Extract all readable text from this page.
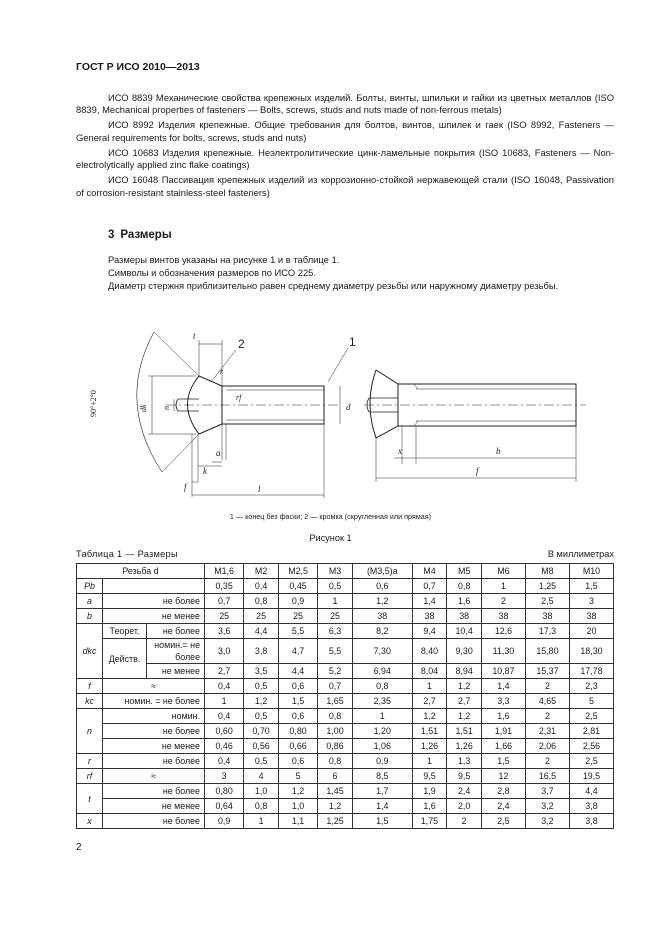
ГОСТ Р ИСО 2010—2013

ИСО 8839 Механические свойства крепежных изделий. Болты, винты, шпильки и гайки из цветных металлов (ISO 8839, Mechanical properties of fasteners — Bolts, screws, studs and nuts made of non-ferrous metals)

ИСО 8992 Изделия крепежные. Общие требования для болтов, винтов, шпилек и гаек (ISO 8992, Fasteners — General requirements for bolts, screws, studs and nuts)

ИСО 10683 Изделия крепежные. Неэлектролитические цинк-ламельные покрытия (ISO 10683, Fasteners — Non-electrolytically applied zinc flake coatings)

ИСО 16048 Пассивация крепежных изделий из коррозионно-стойкой нержавеющей стали (ISO 16048, Passivation of corrosion-resistant stainless-steel fasteners)

3 Размеры

Размеры винтов указаны на рисунке 1 и в таблице 1.

Символы и обозначения размеров по ИСО 225.

Диаметр стержня приблизительно равен среднему диаметру резьбы или наружному диаметру резьбы.

t
2	1
90°+2°0	dk n
rf
r
d
a
k
f	l
x	b
f
1 — конец без фаски; 2 — кромка (скругленная или прямая)
Рисунок 1
Таблица 1 — Размеры	В миллиметрах
Резьба d			M1,6	M2	M2,5	M3	(M3,5)a	M4	M5	M6	M8	M10
Pb			0,35	0,4	0,45	0,5	0,6	0,7	0,8	1	1,25	1,5
a	не более		0,7	0,8	0,9	1	1,2	1,4	1,6	2	2,5	3
b	не менее		25	25	25	25	38	38	38	38	38	38
dkc	Теорет.	не более	3,6	4,4	5,5	6,3	8,2	9,4	10,4	12,6	17,3	20
	Действ.	номин.= не более	3,0	3,8	4,7	5,5	7,30	8,40	9,30	11,30	15,80	18,30
		не менее	2,7	3,5	4,4	5,2	6,94	8,04	8,94	10,87	15,37	17,78
f	≈		0,4	0,5	0,6	0,7	0,8	1	1,2	1,4	2	2,3
kc	номин. = не более		1	1,2	1,5	1,65	2,35	2,7	2,7	3,3	4,65	5
n	номин.		0,4	0,5	0,6	0,8	1	1,2	1,2	1,6	2	2,5
	не более		0,60	0,70	0,80	1,00	1,20	1,51	1,51	1,91	2,31	2,81
	не менее		0,46	0,56	0,66	0,86	1,06	1,26	1,26	1,66	2,06	2,56
r	не более		0,4	0,5	0,6	0,8	0,9	1	1,3	1,5	2	2,5
rf	≈		3	4	5	6	8,5	9,5	9,5	12	16,5	19,5
t	не более		0,80	1,0	1,2	1,45	1,7	1,9	2,4	2,8	3,7	4,4
	не менее		0,64	0,8	1,0	1,2	1,4	1,6	2,0	2,4	3,2	3,8
x	не более		0,9	1	1,1	1,25	1,5	1,75	2	2,5	3,2	3,8
2
